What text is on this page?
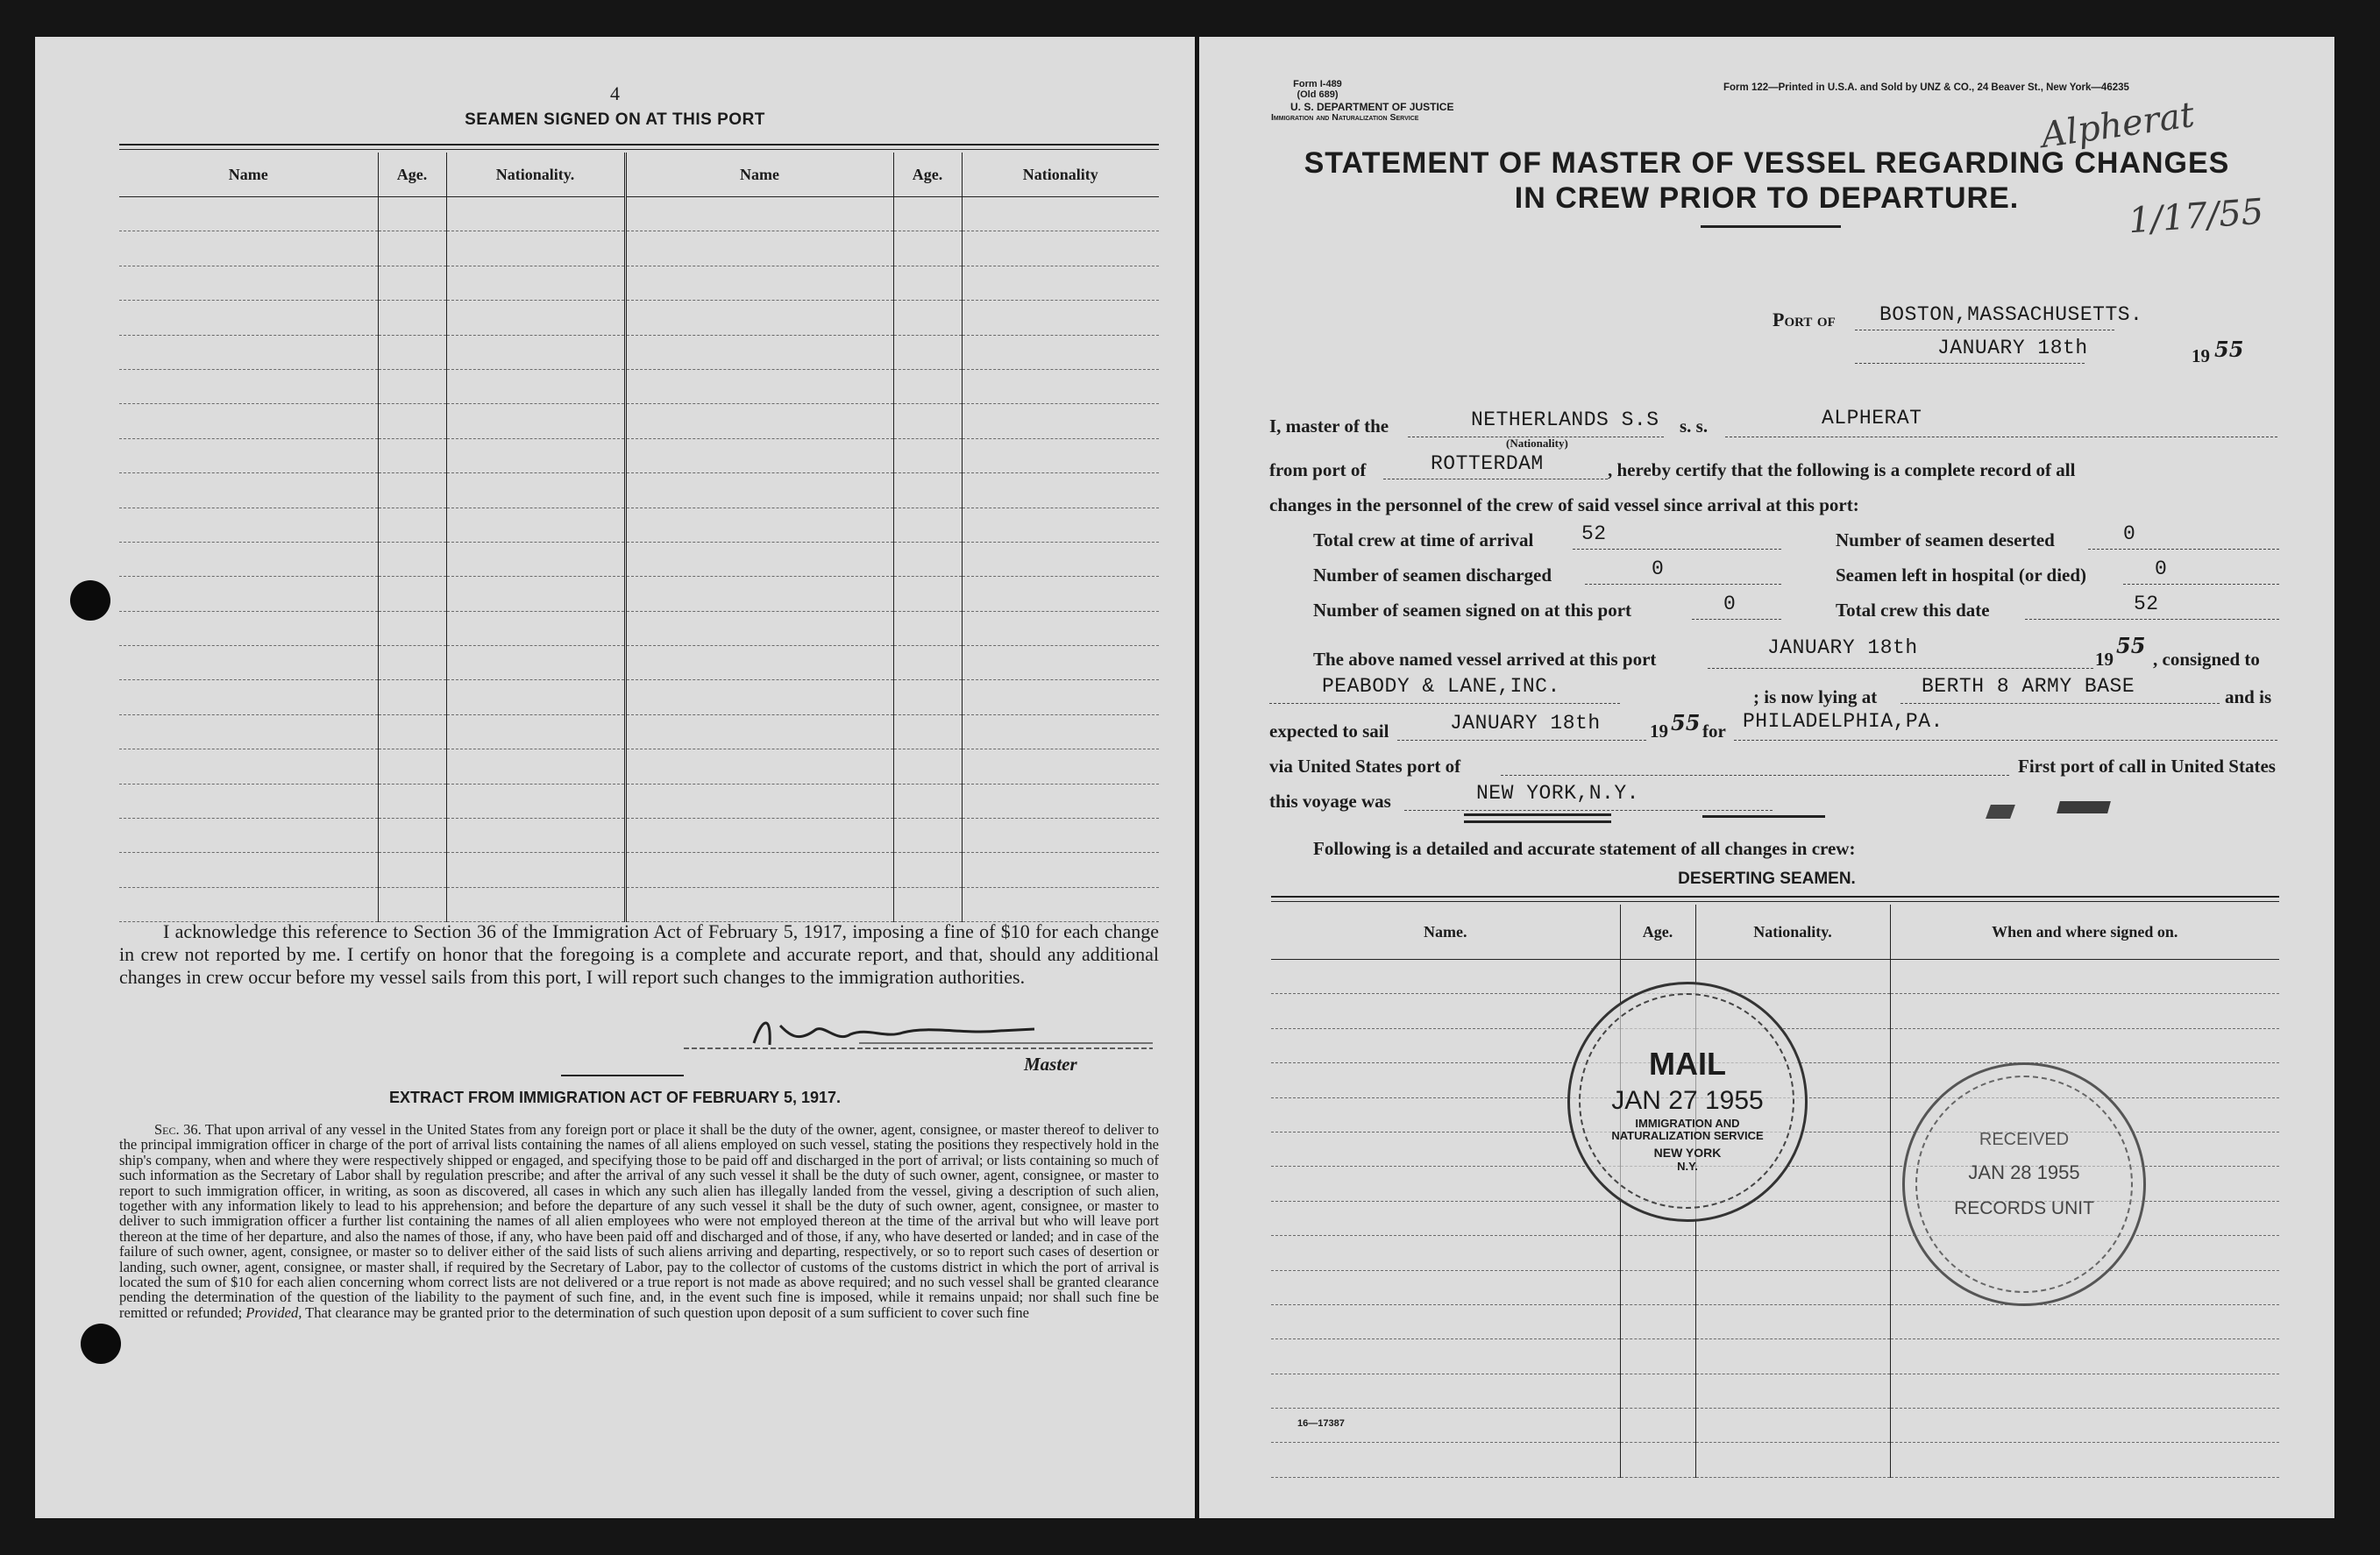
4
SEAMEN SIGNED ON AT THIS PORT
Name	Age.	Nationality.	Name	Age.	Nationality

I acknowledge this reference to Section 36 of the Immigration Act of February 5, 1917, imposing a fine of $10 for each change in crew not reported by me. I certify on honor that the foregoing is a complete and accurate report, and that, should any additional changes in crew occur before my vessel sails from this port, I will report such changes to the immigration authorities.
Master
EXTRACT FROM IMMIGRATION ACT OF FEBRUARY 5, 1917.
Sec. 36. That upon arrival of any vessel in the United States from any foreign port or place it shall be the duty of the owner, agent, consignee, or master thereof to deliver to the principal immigration officer in charge of the port of arrival lists containing the names of all aliens employed on such vessel, stating the positions they respectively hold in the ship's company, when and where they were respectively shipped or engaged, and specifying those to be paid off and discharged in the port of arrival; or lists containing so much of such information as the Secretary of Labor shall by regulation prescribe; and after the arrival of any such vessel it shall be the duty of such owner, agent, consignee, or master to report to such immigration officer, in writing, as soon as discovered, all cases in which any such alien has illegally landed from the vessel, giving a description of such alien, together with any information likely to lead to his apprehension; and before the departure of any such vessel it shall be the duty of such owner, agent, consignee, or master to deliver to such immigration officer a further list containing the names of all alien employees who were not employed thereon at the time of the arrival but who will leave port thereon at the time of her departure, and also the names of those, if any, who have been paid off and discharged and of those, if any, who have deserted or landed; and in case of the failure of such owner, agent, consignee, or master so to deliver either of the said lists of such aliens arriving and departing, respectively, or so to report such cases of desertion or landing, such owner, agent, consignee, or master shall, if required by the Secretary of Labor, pay to the collector of customs of the customs district in which the port of arrival is located the sum of $10 for each alien concerning whom correct lists are not delivered or a true report is not made as above required; and no such vessel shall be granted clearance pending the determination of the question of the liability to the payment of such fine, and, in the event such fine is imposed, while it remains unpaid; nor shall such fine be remitted or refunded; Provided, That clearance may be granted prior to the determination of such question upon deposit of a sum sufficient to cover such fine
Form I-489
(Old 689)
U. S. DEPARTMENT OF JUSTICE
Immigration and Naturalization Service
Form 122—Printed in U.S.A. and Sold by UNZ & CO., 24 Beaver St., New York—46235
Alpherat
1/17/55
STATEMENT OF MASTER OF VESSEL REGARDING CHANGES
IN CREW PRIOR TO DEPARTURE.
Port of BOSTON,MASSACHUSETTS.
JANUARY 18th	19 55
I, master of the	NETHERLANDS S.S
(Nationality)
s. s.	ALPHERAT
from port of	ROTTERDAM	, hereby certify that the following is a complete record of all
changes in the personnel of the crew of said vessel since arrival at this port:
Total crew at time of arrival 52	Number of seamen deserted	0
Number of seamen discharged	0	Seamen left in hospital (or died)	0
Number of seamen signed on at this port	0	Total crew this date	52
The above named vessel arrived at this port	JANUARY 18th	19
55
, consigned to
PEABODY & LANE,INC.	; is now lying at BERTH 8 ARMY BASE	and is
expected to sail	JANUARY 18th	19 55 for PHILADELPHIA,PA.
via United States port of	First port of call in United States
this voyage was	NEW YORK,N.Y.
Following is a detailed and accurate statement of all changes in crew:
DESERTING SEAMEN.
Name.	Age.	Nationality.	When and where signed on.

MAIL
JAN 27 1955
IMMIGRATION AND NATURALIZATION SERVICE
NEW YORK
N.Y.
RECEIVED
JAN 28 1955
RECORDS UNIT
16—17387
